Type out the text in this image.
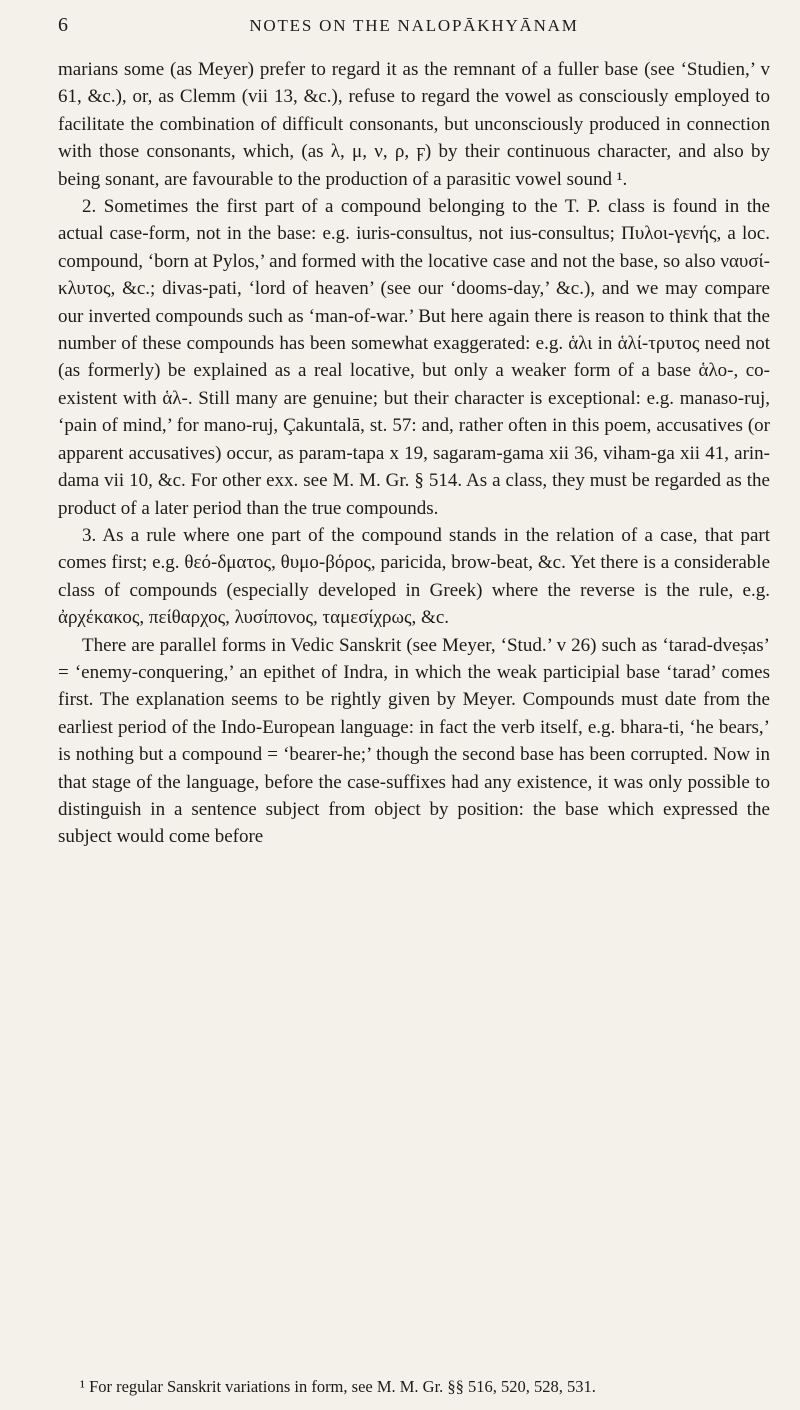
6	NOTES ON THE NALOPĀKHYĀNAM

marians some (as Meyer) prefer to regard it as the remnant of a fuller base (see ‘Studien,’ v 61, &c.), or, as Clemm (vii 13, &c.), refuse to regard the vowel as consciously employed to facilitate the combination of difficult consonants, but unconsciously produced in connection with those consonants, which, (as λ, μ, ν, ρ, ϝ) by their continuous character, and also by being sonant, are favourable to the production of a parasitic vowel sound ¹.

2. Sometimes the first part of a compound belonging to the T. P. class is found in the actual case-form, not in the base: e.g. iuris-consultus, not ius-consultus; Πυλοι-γενής, a loc. compound, ‘born at Pylos,’ and formed with the locative case and not the base, so also ναυσί-κλυτος, &c.; divas-pati, ‘lord of heaven’ (see our ‘dooms-day,’ &c.), and we may compare our inverted compounds such as ‘man-of-war.’ But here again there is reason to think that the number of these compounds has been somewhat exaggerated: e.g. ἁλι in ἁλί-τρυτος need not (as formerly) be explained as a real locative, but only a weaker form of a base ἁλο-, co-existent with ἁλ-. Still many are genuine; but their character is exceptional: e.g. manaso-ruj, ‘pain of mind,’ for mano-ruj, Çakuntalā, st. 57: and, rather often in this poem, accusatives (or apparent accusatives) occur, as param-tapa x 19, sagaram-gama xii 36, viham-ga xii 41, arin-dama vii 10, &c. For other exx. see M. M. Gr. § 514. As a class, they must be regarded as the product of a later period than the true compounds.

3. As a rule where one part of the compound stands in the relation of a case, that part comes first; e.g. θεό-δματος, θυμο-βόρος, paricida, brow-beat, &c. Yet there is a considerable class of compounds (especially developed in Greek) where the reverse is the rule, e.g. ἀρχέκακος, πείθαρχος, λυσίπονος, ταμεσίχρως, &c.

There are parallel forms in Vedic Sanskrit (see Meyer, ‘Stud.’ v 26) such as ‘tarad-dveṣas’ = ‘enemy-conquering,’ an epithet of Indra, in which the weak participial base ‘tarad’ comes first. The explanation seems to be rightly given by Meyer. Compounds must date from the earliest period of the Indo-European language: in fact the verb itself, e.g. bhara-ti, ‘he bears,’ is nothing but a compound = ‘bearer-he;’ though the second base has been corrupted. Now in that stage of the language, before the case-suffixes had any existence, it was only possible to distinguish in a sentence subject from object by position: the base which expressed the subject would come before

¹ For regular Sanskrit variations in form, see M. M. Gr. §§ 516, 520, 528, 531.
